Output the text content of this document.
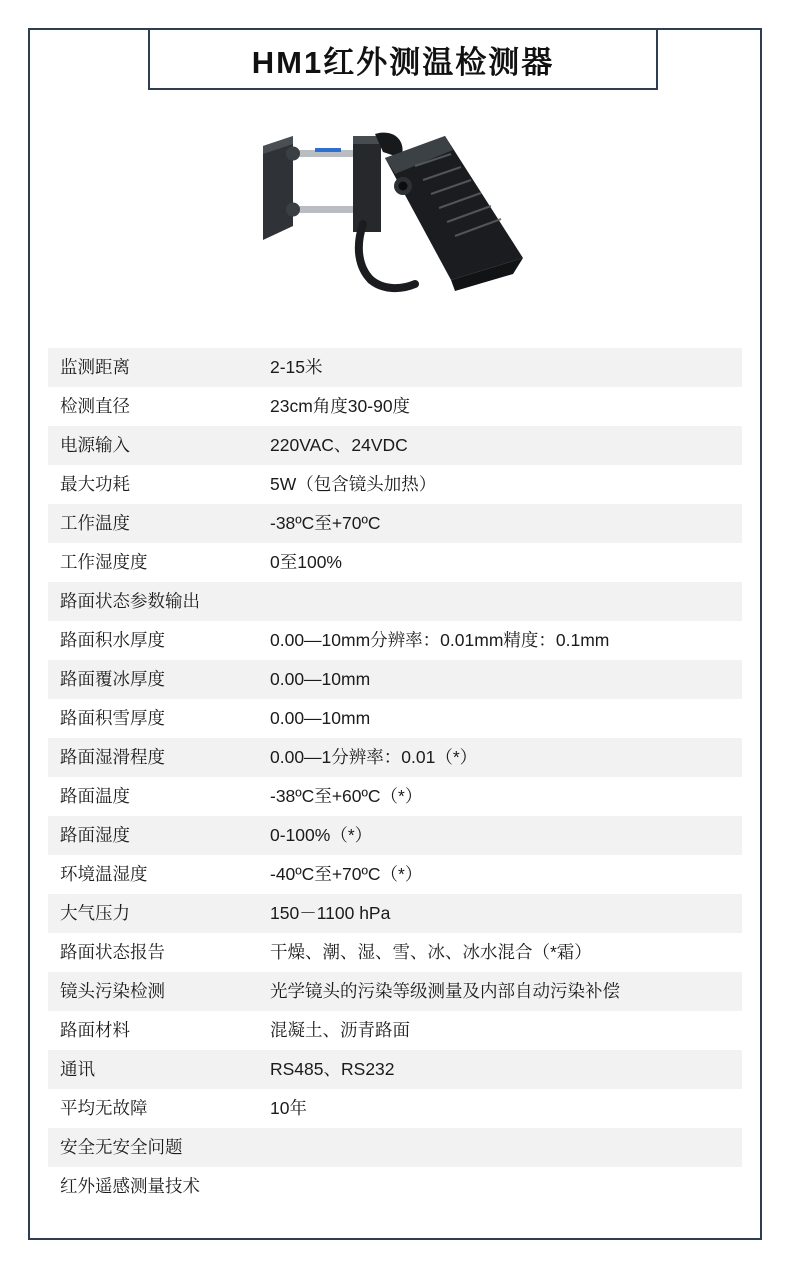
HM1红外测温检测器
监测距离	2-15米
检测直径	23cm角度30-90度
电源输入	220VAC、24VDC
最大功耗	5W（包含镜头加热）
工作温度	-38ºC至+70ºC
工作湿度度	0至100%
路面状态参数输出	
路面积水厚度	0.00—10mm分辨率：0.01mm精度：0.1mm
路面覆冰厚度	0.00—10mm
路面积雪厚度	0.00—10mm
路面湿滑程度	0.00—1分辨率：0.01（*）
路面温度	-38ºC至+60ºC（*）
路面湿度	0-100%（*）
环境温湿度	-40ºC至+70ºC（*）
大气压力	150－1100 hPa
路面状态报告	干燥、潮、湿、雪、冰、冰水混合（*霜）
镜头污染检测	光学镜头的污染等级测量及内部自动污染补偿
路面材料	混凝土、沥青路面
通讯	RS485、RS232
平均无故障	10年
安全无安全问题	
红外遥感测量技术	
